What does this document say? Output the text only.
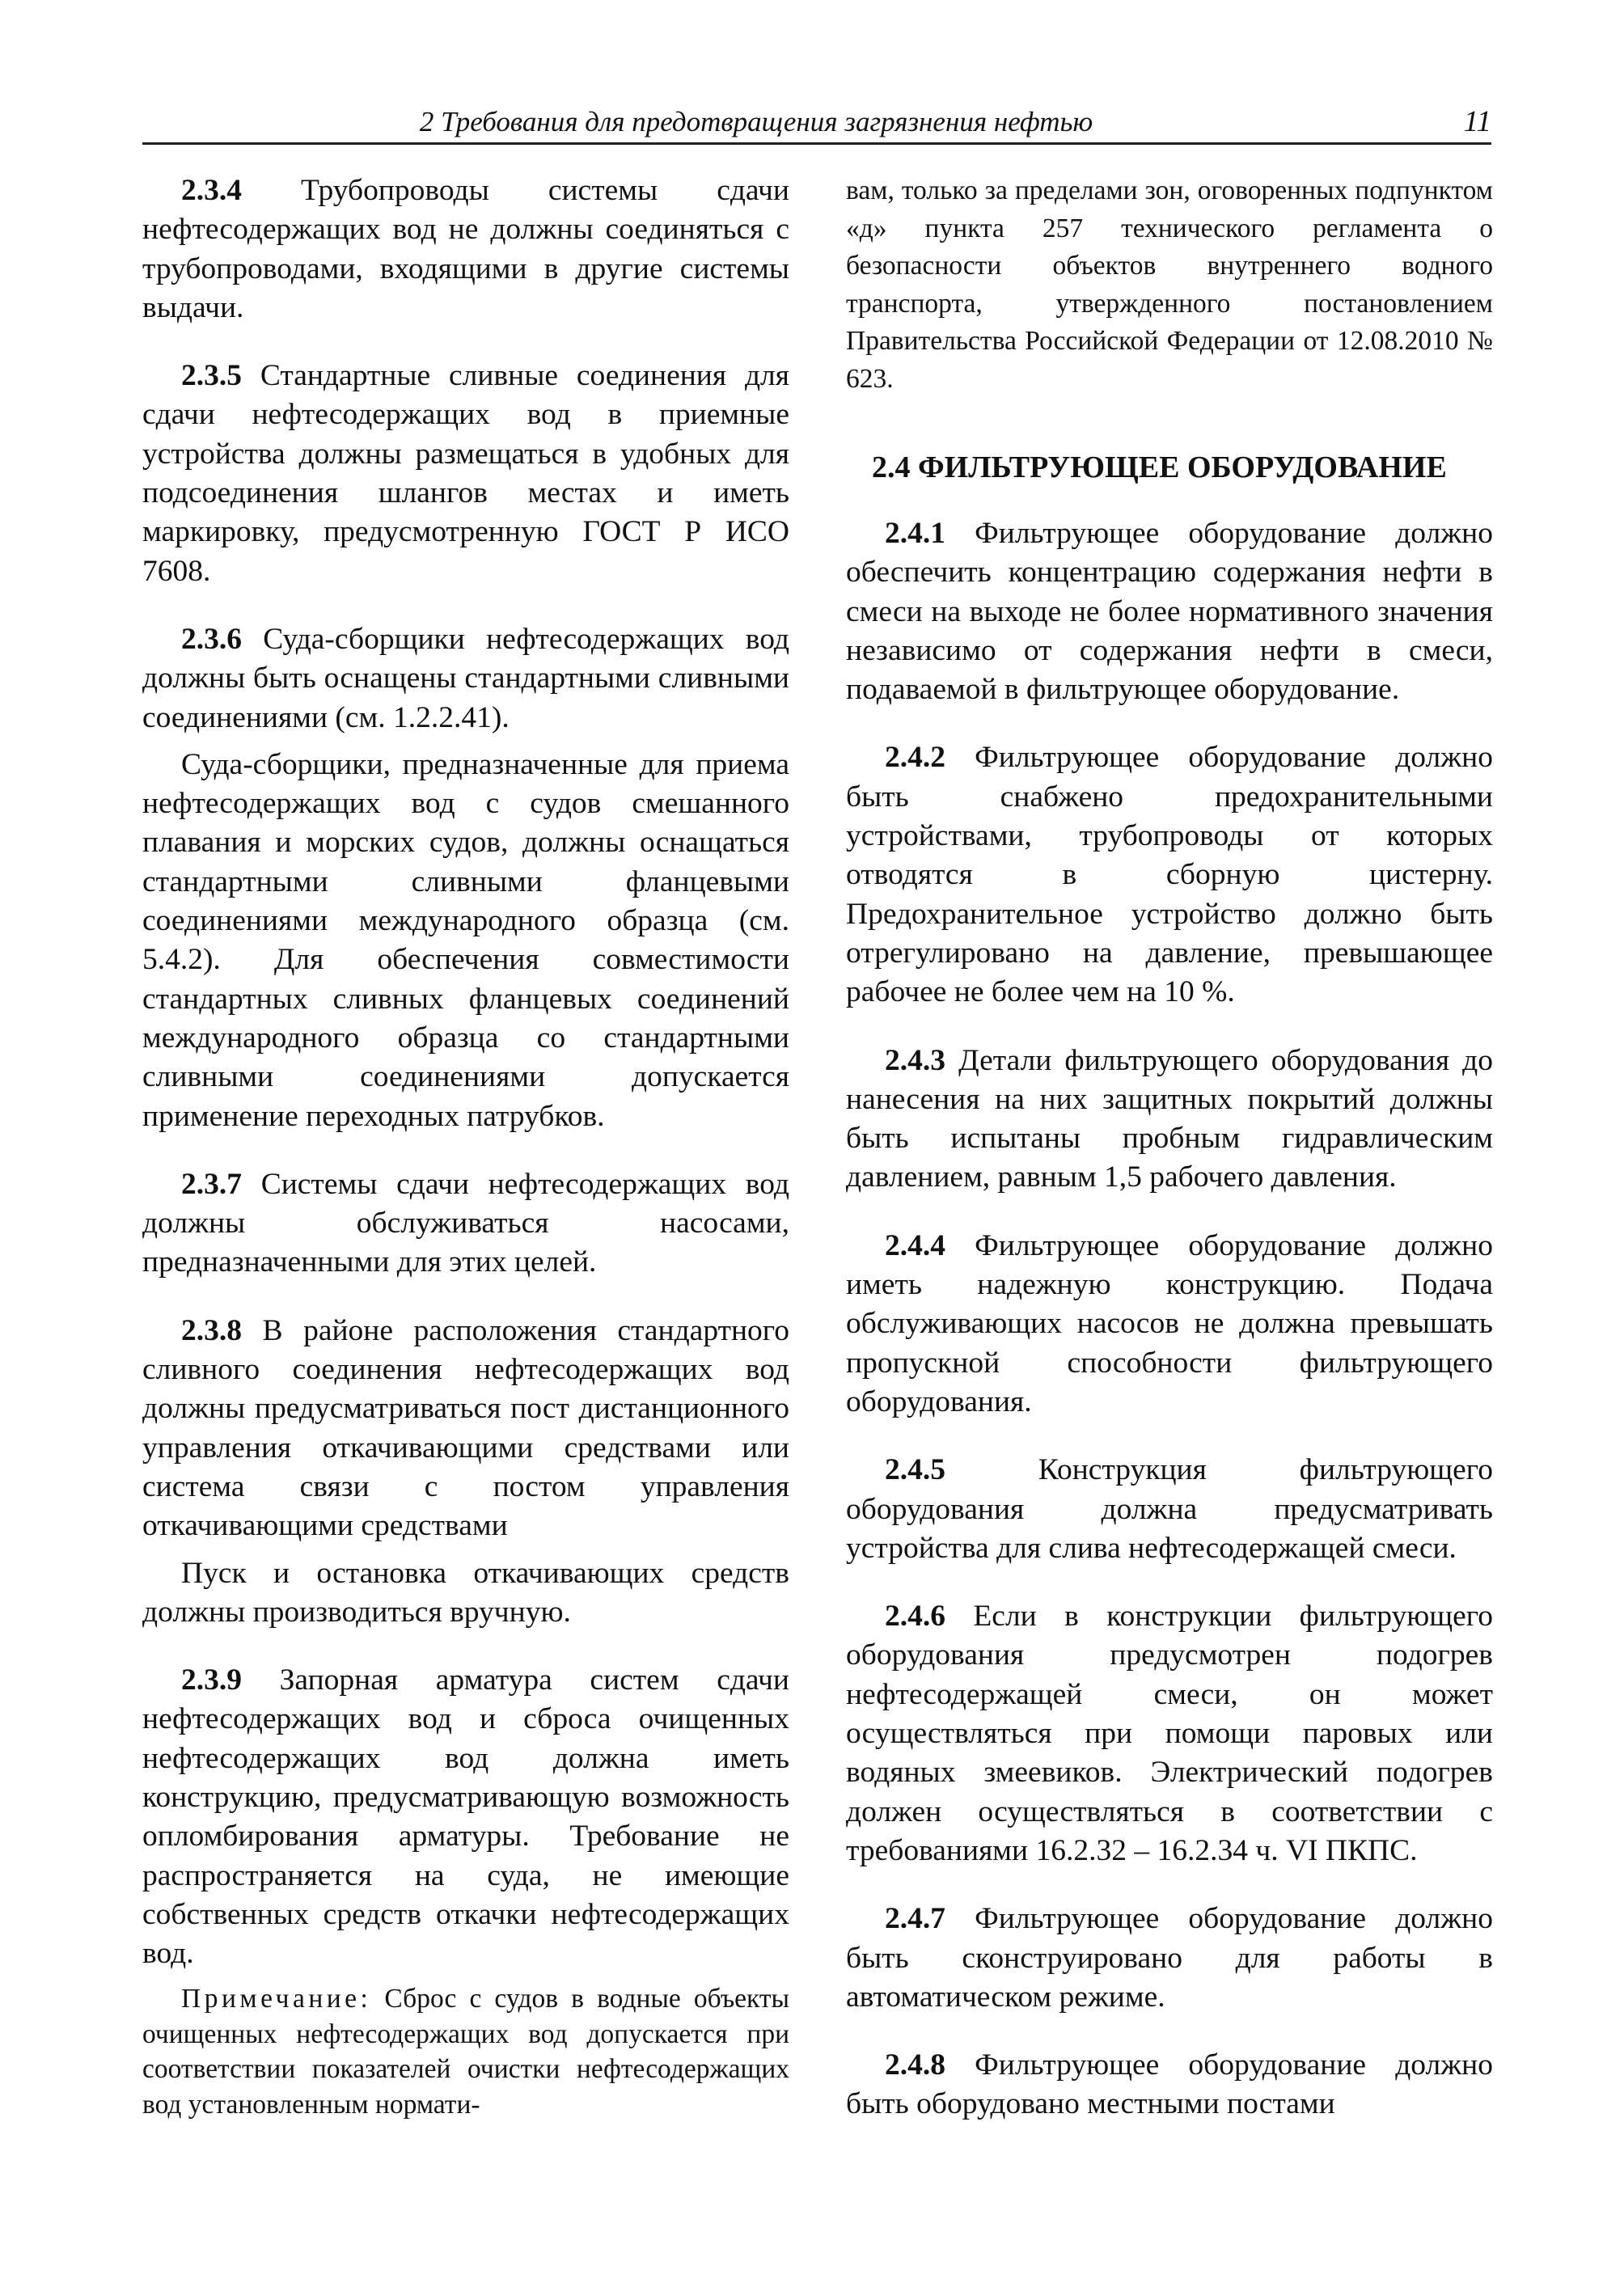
2 Требования для предотвращения загрязнения нефтью	11

2.3.4 Трубопроводы системы сдачи нефтесодержащих вод не должны соединяться с трубопроводами, входящими в другие системы выдачи.

2.3.5 Стандартные сливные соединения для сдачи нефтесодержащих вод в приемные устройства должны размещаться в удобных для подсоединения шлангов местах и иметь маркировку, предусмотренную ГОСТ Р ИСО 7608.

2.3.6 Суда-сборщики нефтесодержащих вод должны быть оснащены стандартными сливными соединениями (см. 1.2.2.41).

Суда-сборщики, предназначенные для приема нефтесодержащих вод с судов смешанного плавания и морских судов, должны оснащаться стандартными сливными фланцевыми соединениями международного образца (см. 5.4.2). Для обеспечения совместимости стандартных сливных фланцевых соединений международного образца со стандартными сливными соединениями допускается применение переходных патрубков.

2.3.7 Системы сдачи нефтесодержащих вод должны обслуживаться насосами, предназначенными для этих целей.

2.3.8 В районе расположения стандартного сливного соединения нефтесодержащих вод должны предусматриваться пост дистанционного управления откачивающими средствами или система связи с постом управления откачивающими средствами

Пуск и остановка откачивающих средств должны производиться вручную.

2.3.9 Запорная арматура систем сдачи нефтесодержащих вод и сброса очищенных нефтесодержащих вод должна иметь конструкцию, предусматривающую возможность опломбирования арматуры. Требование не распространяется на суда, не имеющие собственных средств откачки нефтесодержащих вод.

Примечание: Сброс с судов в водные объекты очищенных нефтесодержащих вод допускается при соответствии показателей очистки нефтесодержащих вод установленным нормати-

вам, только за пределами зон, оговоренных подпунктом «д» пункта 257 технического регламента о безопасности объектов внутреннего водного транспорта, утвержденного постановлением Правительства Российской Федерации от 12.08.2010 № 623.

2.4 ФИЛЬТРУЮЩЕЕ ОБОРУДОВАНИЕ

2.4.1 Фильтрующее оборудование должно обеспечить концентрацию содержания нефти в смеси на выходе не более нормативного значения независимо от содержания нефти в смеси, подаваемой в фильтрующее оборудование.

2.4.2 Фильтрующее оборудование должно быть снабжено предохранительными устройствами, трубопроводы от которых отводятся в сборную цистерну. Предохранительное устройство должно быть отрегулировано на давление, превышающее рабочее не более чем на 10 %.

2.4.3 Детали фильтрующего оборудования до нанесения на них защитных покрытий должны быть испытаны пробным гидравлическим давлением, равным 1,5 рабочего давления.

2.4.4 Фильтрующее оборудование должно иметь надежную конструкцию. Подача обслуживающих насосов не должна превышать пропускной способности фильтрующего оборудования.

2.4.5 Конструкция фильтрующего оборудования должна предусматривать устройства для слива нефтесодержащей смеси.

2.4.6 Если в конструкции фильтрующего оборудования предусмотрен подогрев нефтесодержащей смеси, он может осуществляться при помощи паровых или водяных змеевиков. Электрический подогрев должен осуществляться в соответствии с требованиями 16.2.32 – 16.2.34 ч. VI ПКПС.

2.4.7 Фильтрующее оборудование должно быть сконструировано для работы в автоматическом режиме.

2.4.8 Фильтрующее оборудование должно быть оборудовано местными постами
